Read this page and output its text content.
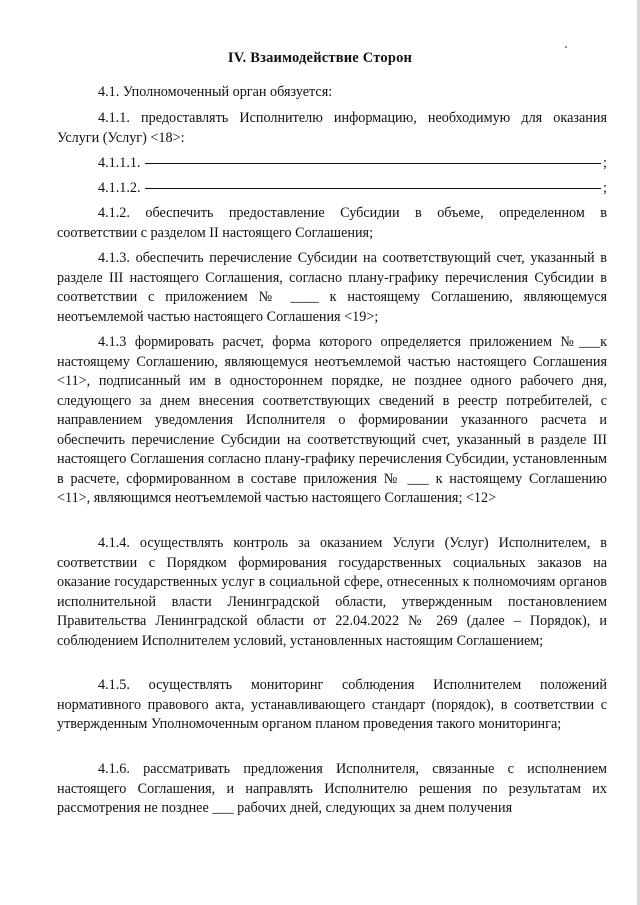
IV. Взаимодействие Сторон
4.1. Уполномоченный орган обязуется:
4.1.1. предоставлять Исполнителю информацию, необходимую для оказания Услуги (Услуг) <18>:
4.1.1.1.	;
4.1.1.2.	;
4.1.2. обеспечить предоставление Субсидии в объеме, определенном в соответствии с разделом II настоящего Соглашения;
4.1.3. обеспечить перечисление Субсидии на соответствующий счет, указанный в разделе III настоящего Соглашения, согласно плану-графику перечисления Субсидии в соответствии с приложением № ____ к настоящему Соглашению, являющемуся неотъемлемой частью настоящего Соглашения <19>;
4.1.3 формировать расчет, форма которого определяется приложением №___к настоящему Соглашению, являющемуся неотъемлемой частью настоящего Соглашения <11>, подписанный им в одностороннем порядке, не позднее одного рабочего дня, следующего за днем внесения соответствующих сведений в реестр потребителей, с направлением уведомления Исполнителя о формировании указанного расчета и обеспечить перечисление Субсидии на соответствующий счет, указанный в разделе III настоящего Соглашения согласно плану-графику перечисления Субсидии, установленным в расчете, сформированном в составе приложения № ___ к настоящему Соглашению <11>, являющимся неотъемлемой частью настоящего Соглашения; <12>
4.1.4. осуществлять контроль за оказанием Услуги (Услуг) Исполнителем, в соответствии с Порядком формирования государственных социальных заказов на оказание государственных услуг в социальной сфере, отнесенных к полномочиям органов исполнительной власти Ленинградской области, утвержденным постановлением Правительства Ленинградской области от 22.04.2022 № 269 (далее – Порядок), и соблюдением Исполнителем условий, установленных настоящим Соглашением;
4.1.5. осуществлять мониторинг соблюдения Исполнителем положений нормативного правового акта, устанавливающего стандарт (порядок), в соответствии с утвержденным Уполномоченным органом планом проведения такого мониторинга;
4.1.6. рассматривать предложения Исполнителя, связанные с исполнением настоящего Соглашения, и направлять Исполнителю решения по результатам их рассмотрения не позднее ___ рабочих дней, следующих за днем получения
